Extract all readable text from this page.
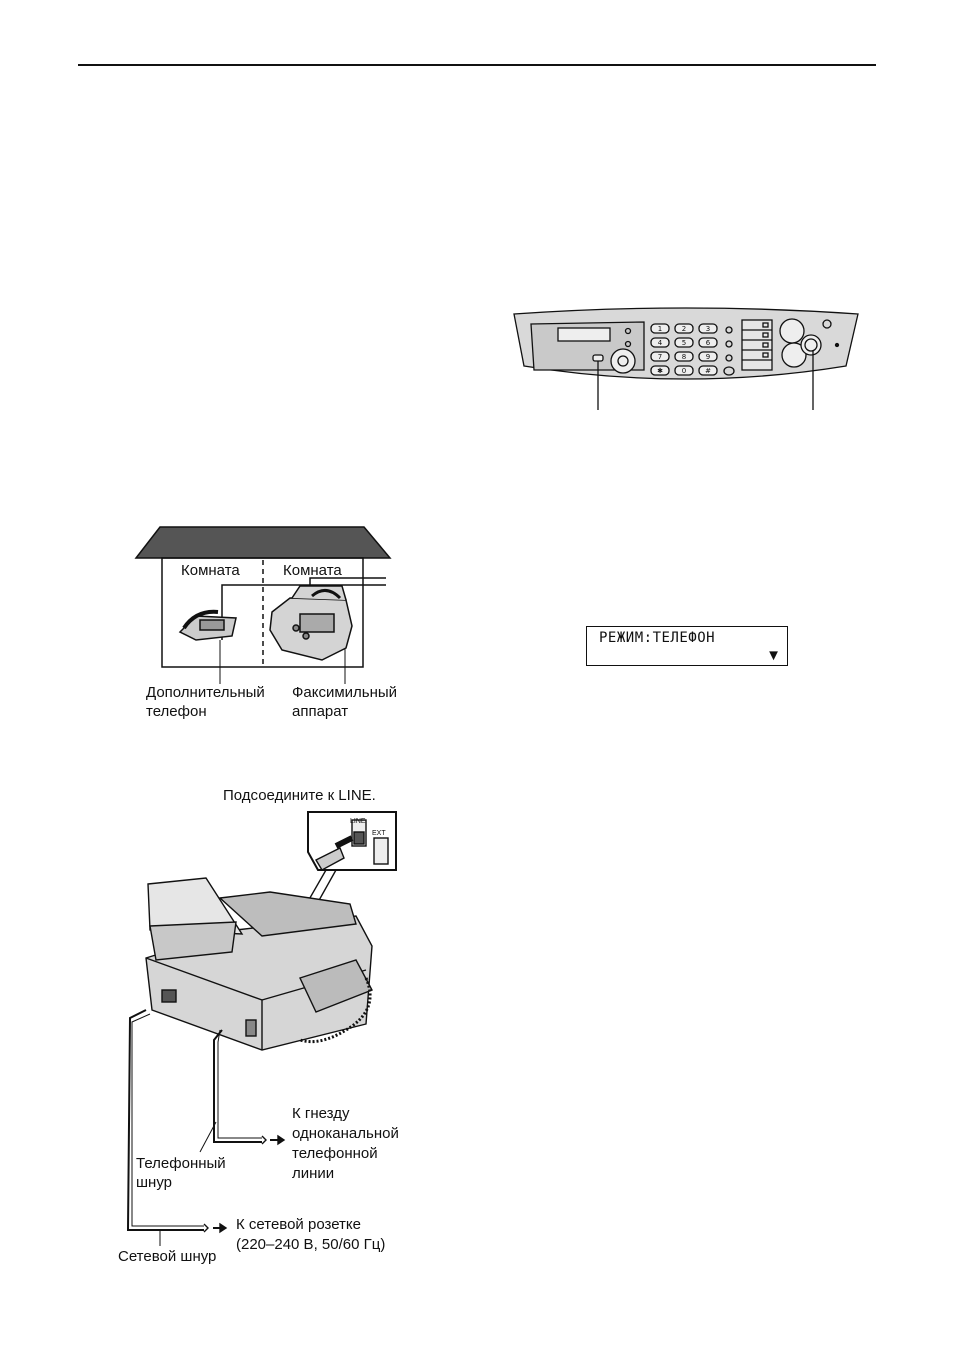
1	2	3
4	5	6
7	8	9
✱	0	#
Комната	Комната
Дополнительный
телефон
Факсимильный
аппарат
РЕЖИМ:ТЕЛЕФОН
▼
Подсоедините к LINE.
LINE
EXT
К гнезду
одноканальной
телефонной
линии
Телефонный
шнур
К сетевой розетке
(220–240 В, 50/60 Гц)
Сетевой шнур
